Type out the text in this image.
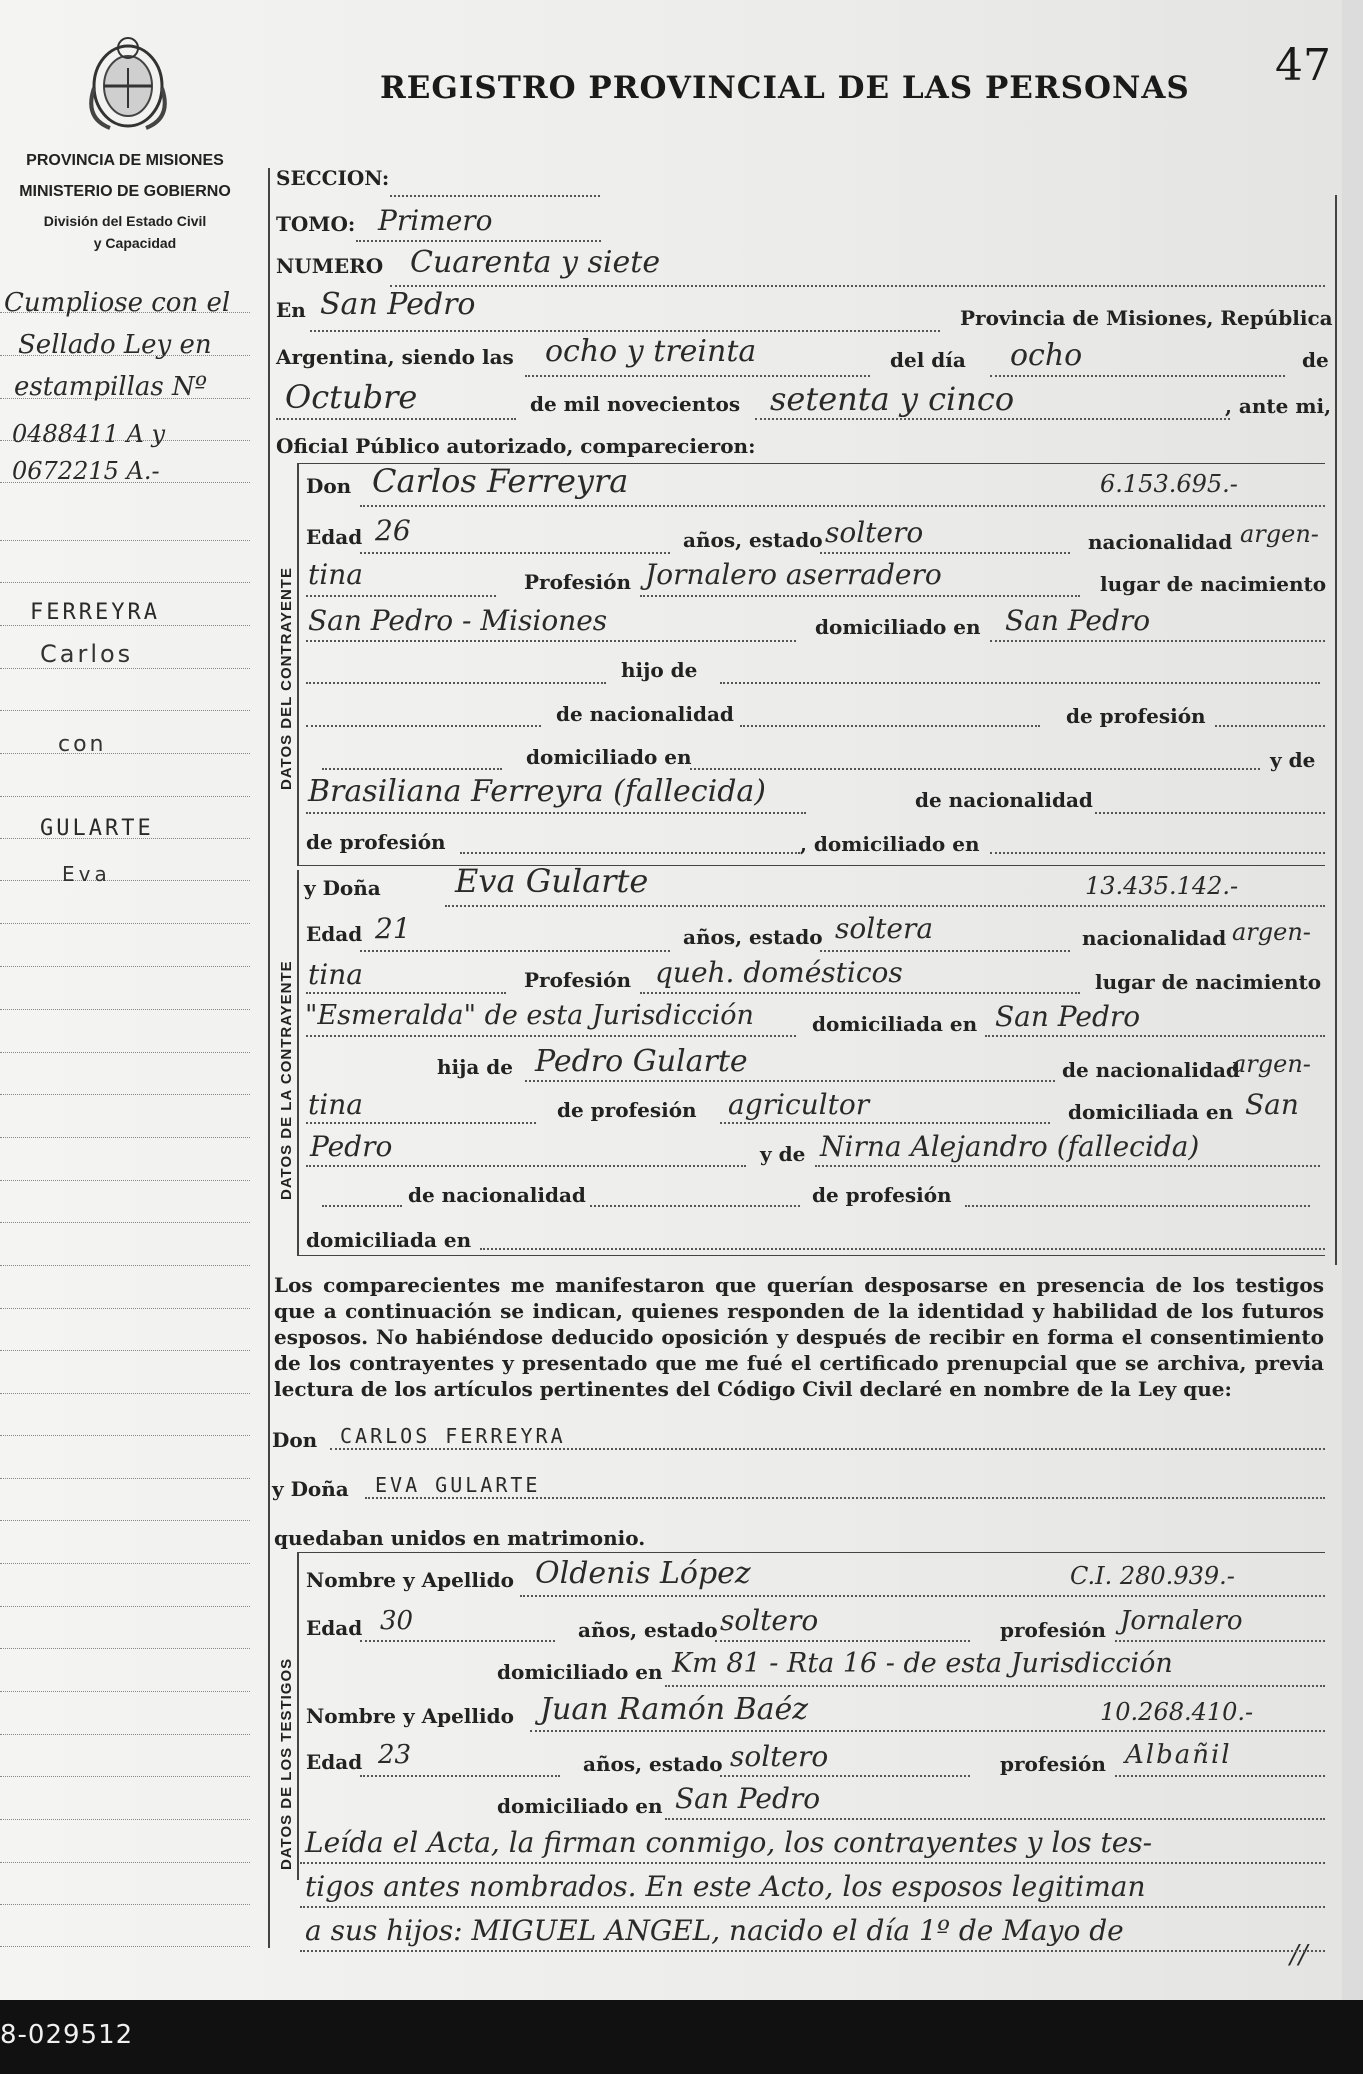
PROVINCIA DE MISIONES
MINISTERIO DE GOBIERNO
División del Estado Civil
y Capacidad
REGISTRO PROVINCIAL DE LAS PERSONAS 47
Cumpliose con el
Sellado Ley en
estampillas Nº
0488411 A y
0672215 A.-
FERREYRA
Carlos
con
GULARTE
Eva
SECCION:
TOMO: Primero
NUMERO Cuarenta y siete
En San Pedro	Provincia de Misiones, República
Argentina, siendo las ocho y treinta	del día ocho	de
Octubre	de mil novecientos setenta y cinco	, ante mi,
Oficial Público autorizado, comparecieron:
DATOS DEL CONTRAYENTE
Don Carlos Ferreyra	6.153.695.-
Edad 26	años, estado soltero	nacionalidad argen-
tina	Profesión Jornalero aserradero	lugar de nacimiento
San Pedro - Misiones	domiciliado en San Pedro
hijo de
de nacionalidad	de profesión
domiciliado en	y de
Brasiliana Ferreyra (fallecida)	de nacionalidad
de profesión	, domiciliado en
DATOS DE LA CONTRAYENTE
y Doña Eva Gularte	13.435.142.-
Edad 21	años, estado soltera	nacionalidad argen-
tina	Profesión queh. domésticos	lugar de nacimiento
"Esmeralda" de esta Jurisdicción	domiciliada en San Pedro
hija de Pedro Gularte	de nacionalidad
argen-
tina	de profesión agricultor	domiciliada en San
Pedro	y de Nirna Alejandro (fallecida)
de nacionalidad	de profesión
domiciliada en
Los comparecientes me manifestaron que querían desposarse en presencia de los testigos que a continuación se indican, quienes responden de la identidad y habilidad de los futuros esposos. No habiéndose deducido oposición y después de recibir en forma el consentimiento de los contrayentes y presentado que me fué el certificado prenupcial que se archiva, previa lectura de los artículos pertinentes del Código Civil declaré en nombre de la Ley que:
Don CARLOS FERREYRA
y Doña EVA GULARTE
quedaban unidos en matrimonio.
DATOS DE LOS TESTIGOS
Nombre y Apellido Oldenis López	C.I. 280.939.-
Edad 30	años, estado soltero	profesión Jornalero
domiciliado en Km 81 - Rta 16 - de esta Jurisdicción
Nombre y Apellido Juan Ramón Baéz	10.268.410.-
Edad 23	años, estado soltero	profesión Albañil
domiciliado en San Pedro
Leída el Acta, la firman conmigo, los contrayentes y los tes-
tigos antes nombrados. En este Acto, los esposos legitiman
a sus hijos: MIGUEL ANGEL, nacido el día 1º de Mayo de
//
8-029512
